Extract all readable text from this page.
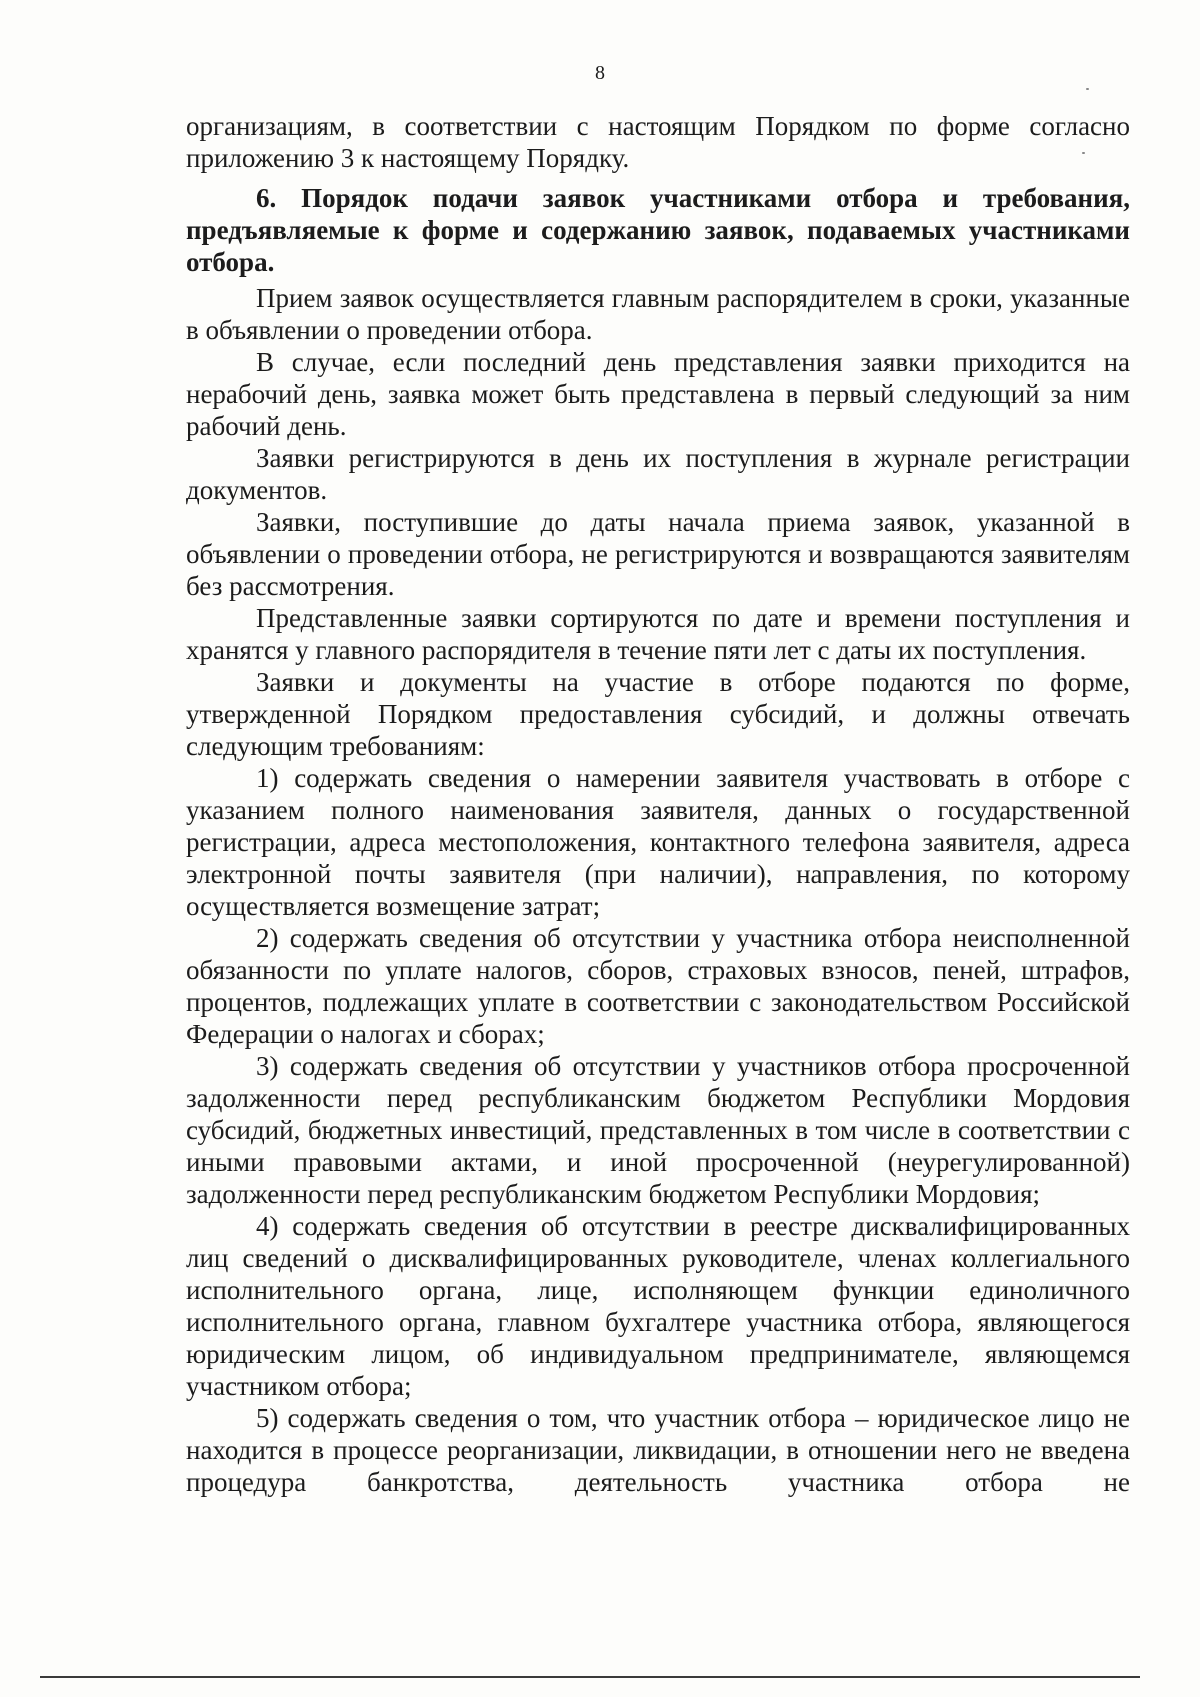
8

организациям, в соответствии с настоящим Порядком по форме согласно приложению 3 к настоящему Порядку.

6. Порядок подачи заявок участниками отбора и требования, предъявляемые к форме и содержанию заявок, подаваемых участниками отбора.

Прием заявок осуществляется главным распорядителем в сроки, указанные в объявлении о проведении отбора.

В случае, если последний день представления заявки приходится на нерабочий день, заявка может быть представлена в первый следующий за ним рабочий день.

Заявки регистрируются в день их поступления в журнале регистрации документов.

Заявки, поступившие до даты начала приема заявок, указанной в объявлении о проведении отбора, не регистрируются и возвращаются заявителям без рассмотрения.

Представленные заявки сортируются по дате и времени поступления и хранятся у главного распорядителя в течение пяти лет с даты их поступления.

Заявки и документы на участие в отборе подаются по форме, утвержденной Порядком предоставления субсидий, и должны отвечать следующим требованиям:

1) содержать сведения о намерении заявителя участвовать в отборе с указанием полного наименования заявителя, данных о государственной регистрации, адреса местоположения, контактного телефона заявителя, адреса электронной почты заявителя (при наличии), направления, по которому осуществляется возмещение затрат;

2) содержать сведения об отсутствии у участника отбора неисполненной обязанности по уплате налогов, сборов, страховых взносов, пеней, штрафов, процентов, подлежащих уплате в соответствии с законодательством Российской Федерации о налогах и сборах;

3) содержать сведения об отсутствии у участников отбора просроченной задолженности перед республиканским бюджетом Республики Мордовия субсидий, бюджетных инвестиций, представленных в том числе в соответствии с иными правовыми актами, и иной просроченной (неурегулированной) задолженности перед республиканским бюджетом Республики Мордовия;

4) содержать сведения об отсутствии в реестре дисквалифицированных лиц сведений о дисквалифицированных руководителе, членах коллегиального исполнительного органа, лице, исполняющем функции единоличного исполнительного органа, главном бухгалтере участника отбора, являющегося юридическим лицом, об индивидуальном предпринимателе, являющемся участником отбора;

5) содержать сведения о том, что участник отбора – юридическое лицо не находится в процессе реорганизации, ликвидации, в отношении него не введена процедура банкротства, деятельность участника отбора не
